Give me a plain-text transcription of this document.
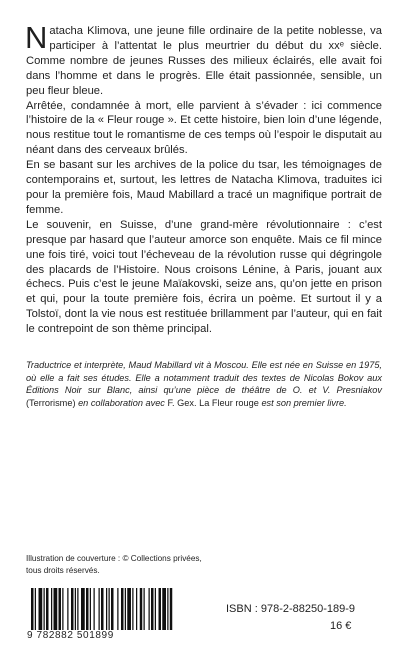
Natacha Klimova, une jeune fille ordinaire de la petite noblesse, va participer à l’attentat le plus meurtrier du début du xxᵉ siècle. Comme nombre de jeunes Russes des milieux éclairés, elle avait foi dans l’homme et dans le progrès. Elle était passionnée, sensible, un peu fleur bleue.

Arrêtée, condamnée à mort, elle parvient à s’évader : ici commence l’histoire de la « Fleur rouge ». Et cette histoire, bien loin d’une légende, nous restitue tout le romantisme de ces temps où l’espoir le disputait au néant dans des cerveaux brûlés.

En se basant sur les archives de la police du tsar, les témoignages de contemporains et, surtout, les lettres de Natacha Klimova, traduites ici pour la première fois, Maud Mabillard a tracé un magnifique portrait de femme.

Le souvenir, en Suisse, d’une grand-mère révolutionnaire : c’est presque par hasard que l’auteur amorce son enquête. Mais ce fil mince une fois tiré, voici tout l’écheveau de la révolution russe qui dégringole des placards de l’Histoire. Nous croisons Lénine, à Paris, jouant aux échecs. Puis c’est le jeune Maïakovski, seize ans, qu’on jette en prison et qui, pour la toute première fois, écrira un poème. Et surtout il y a Tolstoï, dont la vie nous est restituée brillamment par l’auteur, qui en fait le contrepoint de son thème principal.

Traductrice et interprète, Maud Mabillard vit à Moscou. Elle est née en Suisse en 1975, où elle a fait ses études. Elle a notamment traduit des textes de Nicolas Bokov aux Éditions Noir sur Blanc, ainsi qu’une pièce de théâtre de O. et V. Presniakov (Terrorisme) en collaboration avec F. Gex. La Fleur rouge est son premier livre.

Illustration de couverture : © Collections privées,
tous droits réservés.
9 782882 501899
ISBN : 978-2-88250-189-9
16 €
